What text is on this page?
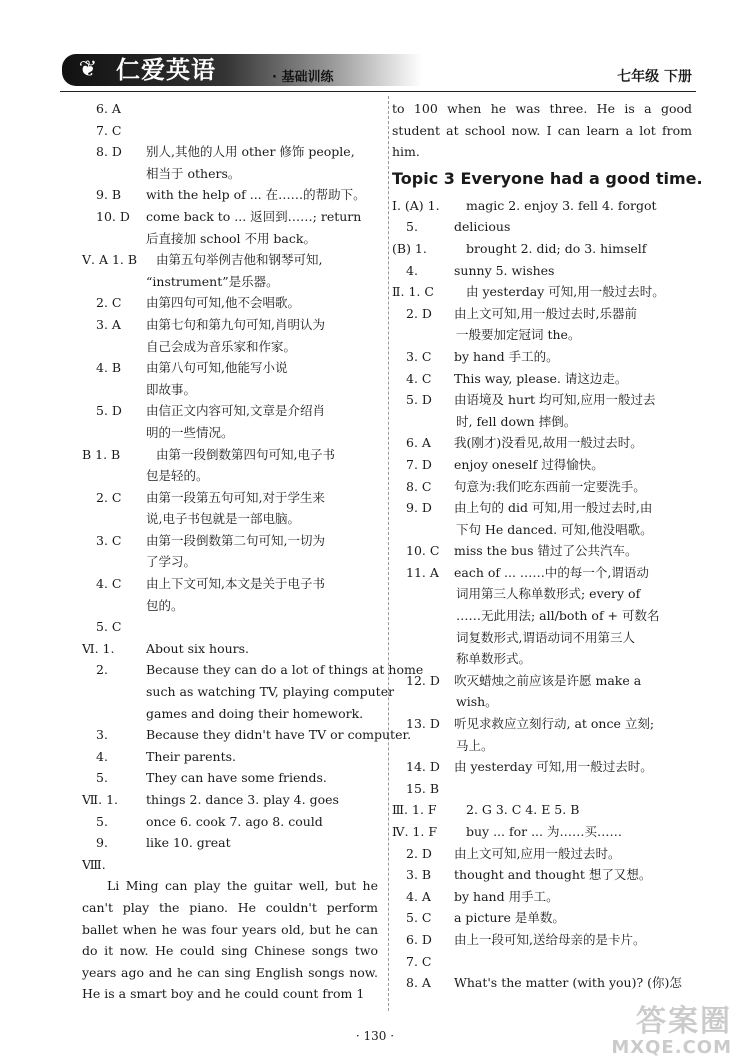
❦ 仁爱英语	· 基础训练	七年级 下册
6. A
7. C
8. D 别人,其他的人用 other 修饰 people,
相当于 others。
9. B with the help of ... 在……的帮助下。
10. D come back to ... 返回到……; return
后直接加 school 不用 back。
Ⅴ. A 1. B 由第五句举例吉他和钢琴可知,
“instrument”是乐器。
2. C 由第四句可知,他不会唱歌。
3. A 由第七句和第九句可知,肖明认为
自己会成为音乐家和作家。
4. B 由第八句可知,他能写小说
即故事。
5. D 由信正文内容可知,文章是介绍肖
明的一些情况。
B 1. B	由第一段倒数第四句可知,电子书
包是轻的。
2. C 由第一段第五句可知,对于学生来
说,电子书包就是一部电脑。
3. C 由第一段倒数第二句可知,一切为
了学习。
4. C 由上下文可知,本文是关于电子书
包的。
5. C
Ⅵ. 1.	About six hours.
2.	Because they can do a lot of things at home
such as watching TV, playing computer
games and doing their homework.
3.	Because they didn't have TV or computer.
4.	Their parents.
5.	They can have some friends.
Ⅶ. 1. things 2. dance 3. play 4. goes
5.	once 6. cook 7. ago 8. could
9.	like 10. great
Ⅷ.
Li Ming can play the guitar well, but he can't play the piano. He couldn't perform ballet when he was four years old, but he can do it now. He could sing Chinese songs two years ago and he can sing English songs now. He is a smart boy and he could count from 1
to 100 when he was three. He is a good student at school now. I can learn a lot from him.
Topic 3 Everyone had a good time.
Ⅰ. (A) 1. magic 2. enjoy 3. fell 4. forgot
5.	delicious
(B) 1.	brought 2. did; do 3. himself
4.	sunny 5. wishes
Ⅱ. 1. C	由 yesterday 可知,用一般过去时。
2. D 由上文可知,用一般过去时,乐器前
一般要加定冠词 the。
3. C by hand 手工的。
4. C This way, please. 请这边走。
5. D 由语境及 hurt 均可知,应用一般过去
时, fell down 摔倒。
6. A 我(刚才)没看见,故用一般过去时。
7. D enjoy oneself 过得愉快。
8. C 句意为:我们吃东西前一定要洗手。
9. D 由上句的 did 可知,用一般过去时,由
下句 He danced. 可知,他没唱歌。
10. C miss the bus 错过了公共汽车。
11. A each of ... ……中的每一个,谓语动
词用第三人称单数形式; every of
……无此用法; all/both of + 可数名
词复数形式,谓语动词不用第三人
称单数形式。
12. D 吹灭蜡烛之前应该是许愿 make a
wish。
13. D 听见求救应立刻行动, at once 立刻;
马上。
14. D 由 yesterday 可知,用一般过去时。
15. B
Ⅲ. 1. F 2. G 3. C 4. E 5. B
Ⅳ. 1. F buy ... for ... 为……买……
2. D 由上文可知,应用一般过去时。
3. B thought and thought 想了又想。
4. A by hand 用手工。
5. C a picture 是单数。
6. D 由上一段可知,送给母亲的是卡片。
7. C
8. A What's the matter (with you)? (你)怎
· 130 ·	答案圈
MXQE.COM
